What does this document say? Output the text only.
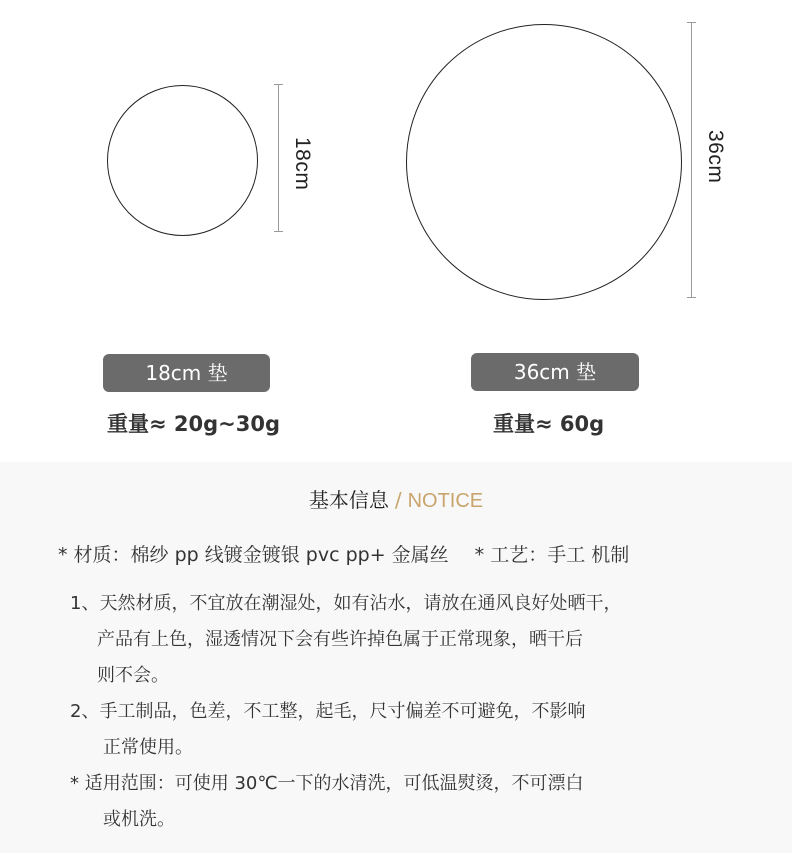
18cm	36cm
18cm 垫	36cm 垫
重量≈ 20g~30g	重量≈ 60g
基本信息 / NOTICE
* 材质：棉纱 pp 线镀金镀银 pvc pp+ 金属丝 * 工艺：手工 机制
1、天然材质，不宜放在潮湿处，如有沾水，请放在通风良好处晒干，
产品有上色，湿透情况下会有些许掉色属于正常现象，晒干后
则不会。
2、手工制品，色差，不工整，起毛，尺寸偏差不可避免，不影响
正常使用。
* 适用范围：可使用 30℃一下的水清洗，可低温熨烫，不可漂白
或机洗。
